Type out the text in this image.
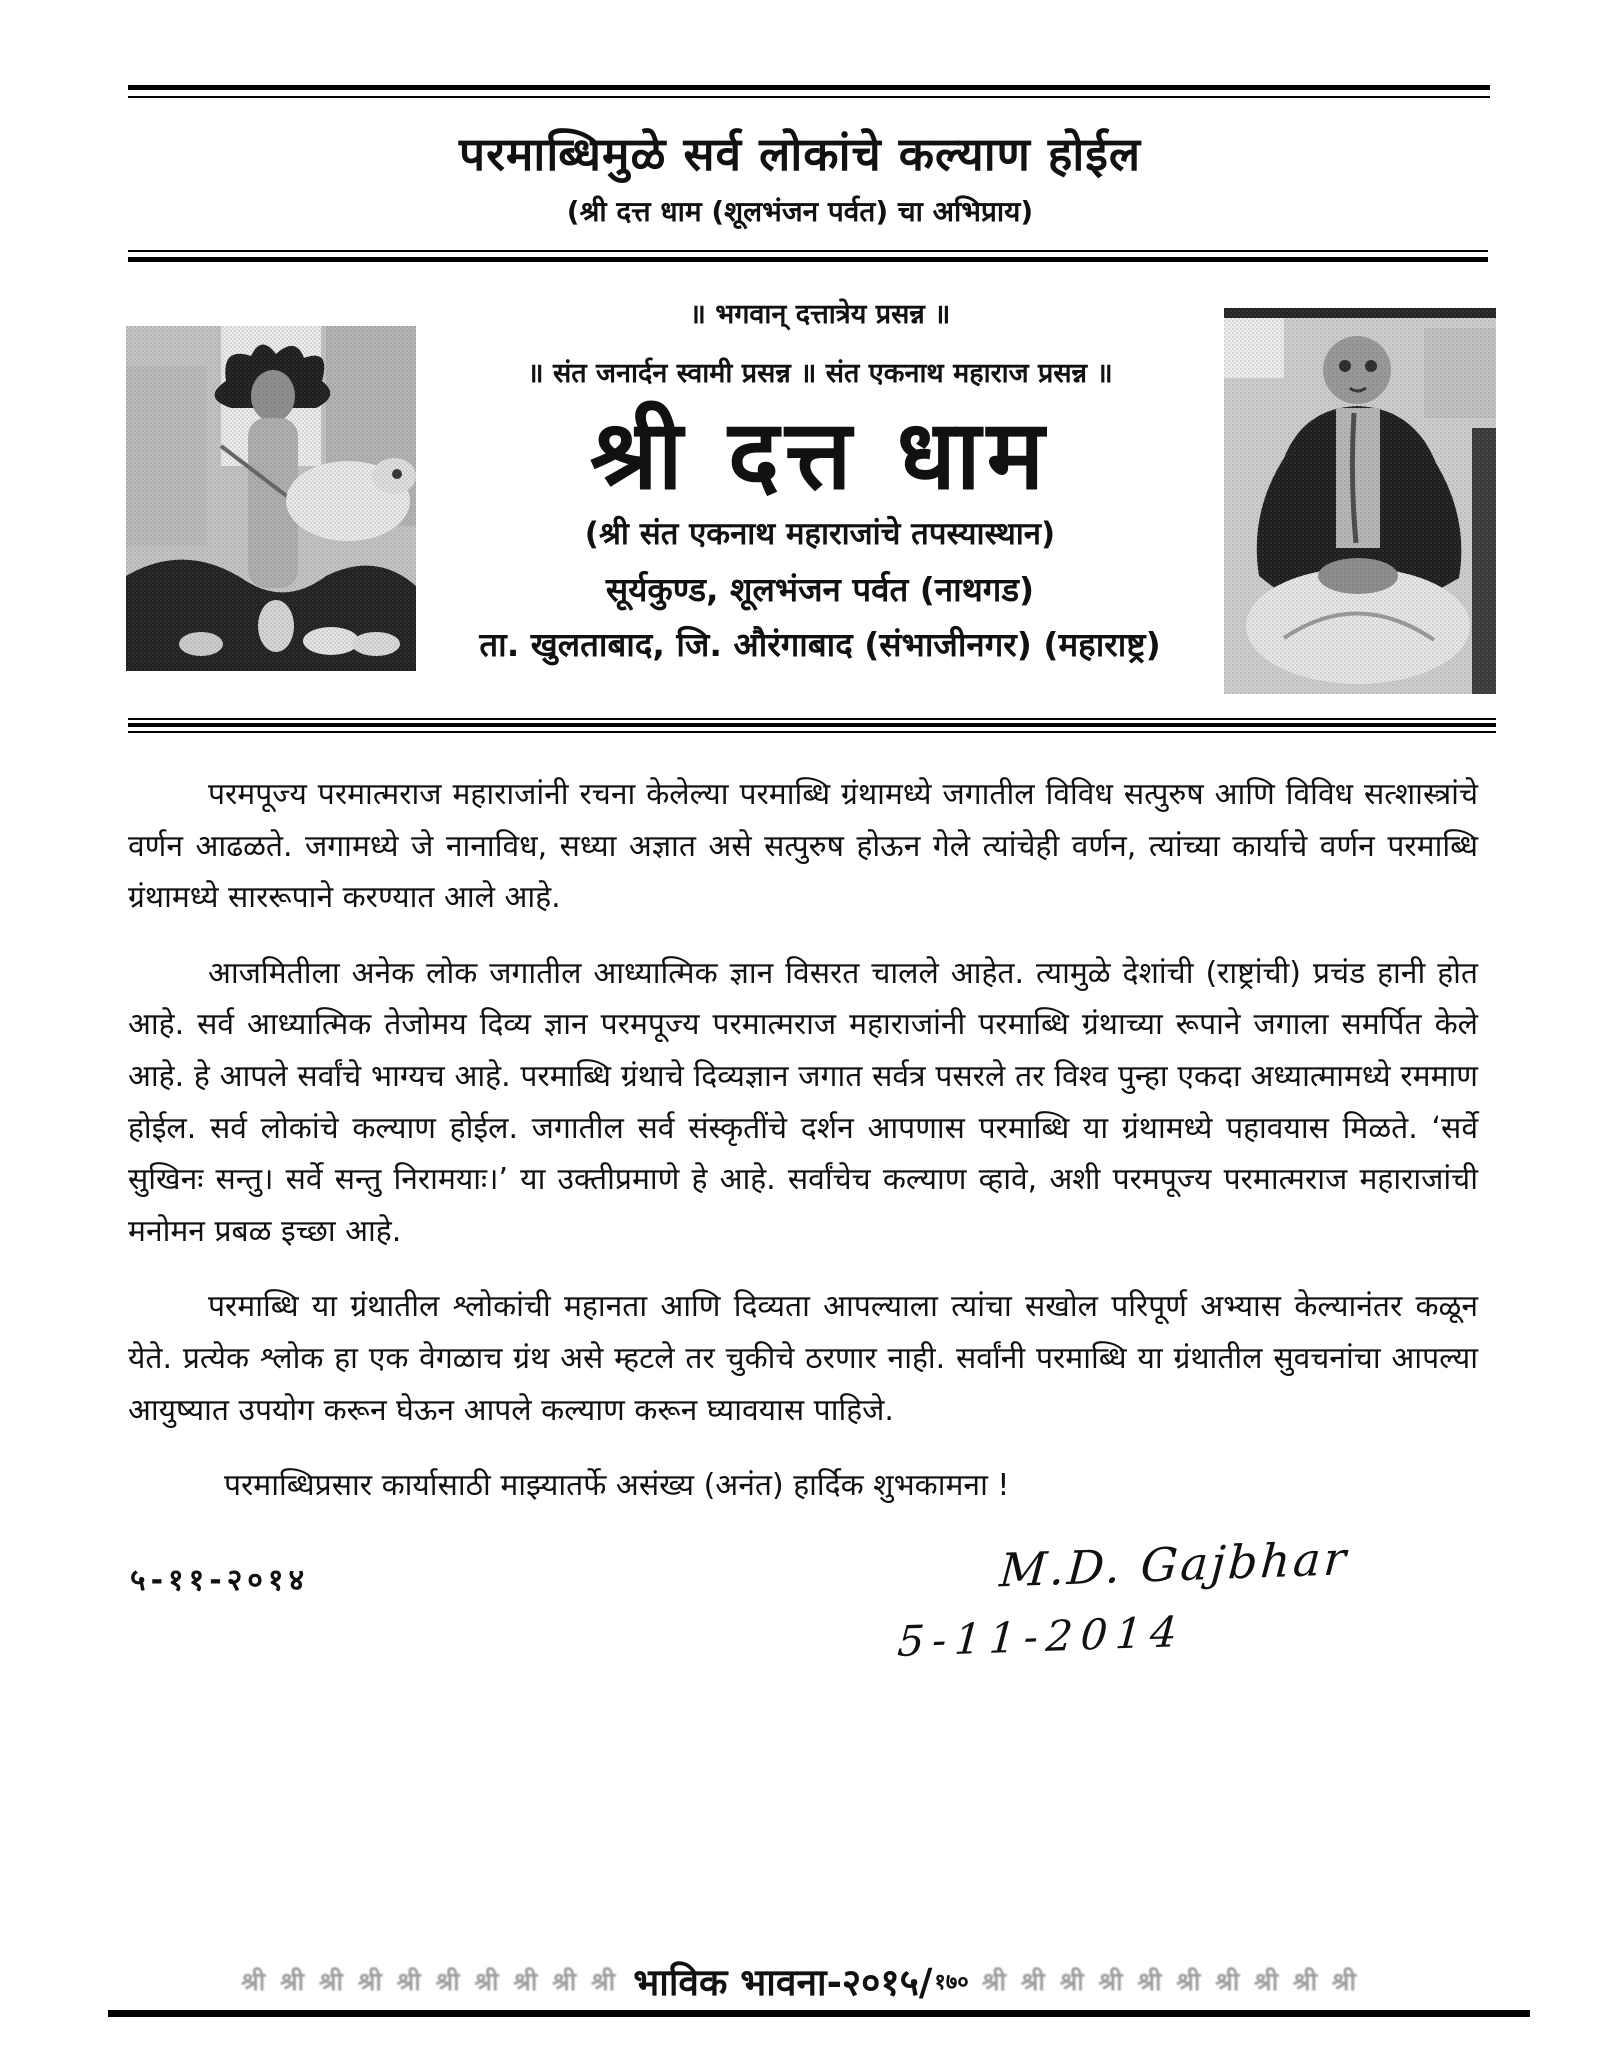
परमाब्धिमुळे सर्व लोकांचे कल्याण होईल
(श्री दत्त धाम (शूलभंजन पर्वत) चा अभिप्राय)
॥ भगवान् दत्तात्रेय प्रसन्न ॥
॥ संत जनार्दन स्वामी प्रसन्न ॥ संत एकनाथ महाराज प्रसन्न ॥
श्री दत्त धाम
(श्री संत एकनाथ महाराजांचे तपस्यास्थान)
सूर्यकुण्ड, शूलभंजन पर्वत (नाथगड)
ता. खुलताबाद, जि. औरंगाबाद (संभाजीनगर) (महाराष्ट्र)

परमपूज्य परमात्मराज महाराजांनी रचना केलेल्या परमाब्धि ग्रंथामध्ये जगातील विविध सत्पुरुष आणि विविध सत्शास्त्रांचे वर्णन आढळते. जगामध्ये जे नानाविध, सध्या अज्ञात असे सत्पुरुष होऊन गेले त्यांचेही वर्णन, त्यांच्या कार्याचे वर्णन परमाब्धि ग्रंथामध्ये साररूपाने करण्यात आले आहे.

आजमितीला अनेक लोक जगातील आध्यात्मिक ज्ञान विसरत चालले आहेत. त्यामुळे देशांची (राष्ट्रांची) प्रचंड हानी होत आहे. सर्व आध्यात्मिक तेजोमय दिव्य ज्ञान परमपूज्य परमात्मराज महाराजांनी परमाब्धि ग्रंथाच्या रूपाने जगाला समर्पित केले आहे. हे आपले सर्वांचे भाग्यच आहे. परमाब्धि ग्रंथाचे दिव्यज्ञान जगात सर्वत्र पसरले तर विश्व पुन्हा एकदा अध्यात्मामध्ये रममाण होईल. सर्व लोकांचे कल्याण होईल. जगातील सर्व संस्कृतींचे दर्शन आपणास परमाब्धि या ग्रंथामध्ये पहावयास मिळते. ‘सर्वे सुखिनः सन्तु। सर्वे सन्तु निरामयाः।’ या उक्तीप्रमाणे हे आहे. सर्वांचेच कल्याण व्हावे, अशी परमपूज्य परमात्मराज महाराजांची मनोमन प्रबळ इच्छा आहे.

परमाब्धि या ग्रंथातील श्लोकांची महानता आणि दिव्यता आपल्याला त्यांचा सखोल परिपूर्ण अभ्यास केल्यानंतर कळून येते. प्रत्येक श्लोक हा एक वेगळाच ग्रंथ असे म्हटले तर चुकीचे ठरणार नाही. सर्वांनी परमाब्धि या ग्रंथातील सुवचनांचा आपल्या आयुष्यात उपयोग करून घेऊन आपले कल्याण करून घ्यावयास पाहिजे.

परमाब्धिप्रसार कार्यासाठी माझ्यातर्फे असंख्य (अनंत) हार्दिक शुभकामना !

५-११-२०१४	M.D. Gajbhar
5-11-2014
श्री श्री श्री श्री श्री श्री श्री श्री श्री श्री भाविक भावना-२०१५/१७० श्री श्री श्री श्री श्री श्री श्री श्री श्री श्री
